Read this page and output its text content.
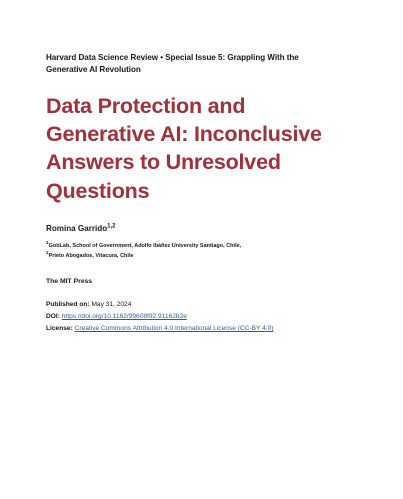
Harvard Data Science Review • Special Issue 5: Grappling With the
Generative AI Revolution
Data Protection and
Generative AI: Inconclusive
Answers to Unresolved
Questions
Romina Garrido$^{1,2}$
$^1$GobLab, School of Government, Adolfo Ibáñez University Santiago, Chile,
$^2$Prieto Abogados, Vitacura, Chile
The MIT Press
Published on: May 31, 2024
DOI: https://doi.org/10.1162/99608f92.91162b2e
License: Creative Commons Attribution 4.0 International License (CC-BY 4.0)
